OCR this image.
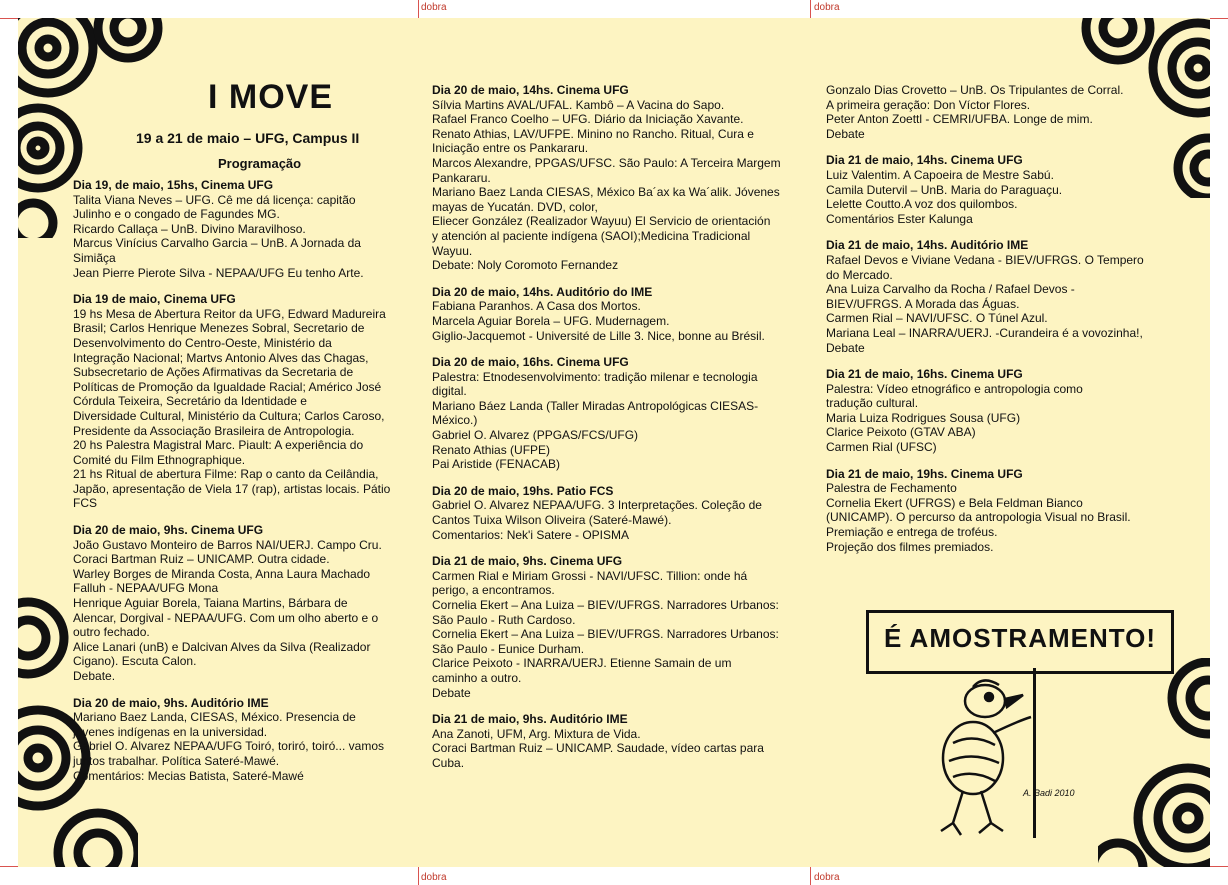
dobra	dobra
dobra	dobra
I MOVE
19 a 21 de maio – UFG, Campus II
Programação
Dia 19, de maio, 15hs, Cinema UFG

Talita Viana Neves – UFG. Cê me dá licença: capitão

Julinho e o congado de Fagundes MG.

Ricardo Callaça – UnB. Divino Maravilhoso.

Marcus Vinícius Carvalho Garcia – UnB. A Jornada da

Simiãça

Jean Pierre Pierote Silva - NEPAA/UFG Eu tenho Arte.

Dia 19 de maio, Cinema UFG

19 hs Mesa de Abertura Reitor da UFG, Edward Madureira

Brasil; Carlos Henrique Menezes Sobral, Secretario de

Desenvolvimento do Centro-Oeste, Ministério da

Integração Nacional; Martvs Antonio Alves das Chagas,

Subsecretario de Ações Afirmativas da Secretaria de

Políticas de Promoção da Igualdade Racial; Américo José

Córdula Teixeira, Secretário da Identidade e

Diversidade Cultural, Ministério da Cultura; Carlos Caroso,

Presidente da Associação Brasileira de Antropologia.

20 hs Palestra Magistral Marc. Piault: A experiência do

Comité du Film Ethnographique.

21 hs Ritual de abertura Filme: Rap o canto da Ceilândia,

Japão, apresentação de Viela 17 (rap), artistas locais. Pátio

FCS

Dia 20 de maio, 9hs. Cinema UFG

João Gustavo Monteiro de Barros NAI/UERJ. Campo Cru.

Coraci Bartman Ruiz – UNICAMP. Outra cidade.

Warley Borges de Miranda Costa, Anna Laura Machado

Falluh - NEPAA/UFG Mona

Henrique Aguiar Borela, Taiana Martins, Bárbara de

Alencar, Dorgival - NEPAA/UFG. Com um olho aberto e o

outro fechado.

Alice Lanari (unB) e Dalcivan Alves da Silva (Realizador

Cigano). Escuta Calon.

Debate.

Dia 20 de maio, 9hs. Auditório IME

Mariano Baez Landa, CIESAS, México. Presencia de

jóvenes indígenas en la universidad.

Gabriel O. Alvarez NEPAA/UFG Toiró, toriró, toiró... vamos

juntos trabalhar. Política Sateré-Mawé.

Comentários: Mecias Batista, Sateré-Mawé

Dia 20 de maio, 14hs. Cinema UFG

Sílvia Martins AVAL/UFAL. Kambô – A Vacina do Sapo.

Rafael Franco Coelho – UFG. Diário da Iniciação Xavante.

Renato Athias, LAV/UFPE. Minino no Rancho. Ritual, Cura e

Iniciação entre os Pankararu.

Marcos Alexandre, PPGAS/UFSC. São Paulo: A Terceira Margem

Pankararu.

Mariano Baez Landa CIESAS, México Ba´ax ka Wa´alik. Jóvenes

mayas de Yucatán. DVD, color,

Eliecer González (Realizador Wayuu) El Servicio de orientación

y atención al paciente indígena (SAOI);Medicina Tradicional

Wayuu.

Debate: Noly Coromoto Fernandez

Dia 20 de maio, 14hs. Auditório do IME

Fabiana Paranhos. A Casa dos Mortos.

Marcela Aguiar Borela – UFG. Mudernagem.

Giglio-Jacquemot - Université de Lille 3. Nice, bonne au Brésil.

Dia 20 de maio, 16hs. Cinema UFG

Palestra: Etnodesenvolvimento: tradição milenar e tecnologia

digital.

Mariano Báez Landa (Taller Miradas Antropológicas CIESAS-

México.)

Gabriel O. Alvarez (PPGAS/FCS/UFG)

Renato Athias (UFPE)

Pai Aristide (FENACAB)

Dia 20 de maio, 19hs. Patio FCS

Gabriel O. Alvarez NEPAA/UFG. 3 Interpretações. Coleção de

Cantos Tuixa Wilson Oliveira (Sateré-Mawé).

Comentarios: Nek'i Satere - OPISMA

Dia 21 de maio, 9hs. Cinema UFG

Carmen Rial e Miriam Grossi - NAVI/UFSC. Tillion: onde há

perigo, a encontramos.

Cornelia Ekert – Ana Luiza – BIEV/UFRGS. Narradores Urbanos:

São Paulo - Ruth Cardoso.

Cornelia Ekert – Ana Luiza – BIEV/UFRGS. Narradores Urbanos:

São Paulo - Eunice Durham.

Clarice Peixoto - INARRA/UERJ. Etienne Samain de um

caminho a outro.

Debate

Dia 21 de maio, 9hs. Auditório IME

Ana Zanoti, UFM, Arg. Mixtura de Vida.

Coraci Bartman Ruiz – UNICAMP. Saudade, vídeo cartas para

Cuba.

Gonzalo Dias Crovetto – UnB. Os Tripulantes de Corral.

A primeira geração: Don Víctor Flores.

Peter Anton Zoettl - CEMRI/UFBA. Longe de mim.

Debate

Dia 21 de maio, 14hs. Cinema UFG

Luiz Valentim. A Capoeira de Mestre Sabú.

Camila Dutervil – UnB. Maria do Paraguaçu.

Lelette Coutto.A voz dos quilombos.

Comentários Ester Kalunga

Dia 21 de maio, 14hs. Auditório IME

Rafael Devos e Viviane Vedana - BIEV/UFRGS. O Tempero

do Mercado.

Ana Luiza Carvalho da Rocha / Rafael Devos -

BIEV/UFRGS. A Morada das Águas.

Carmen Rial – NAVI/UFSC. O Túnel Azul.

Mariana Leal – INARRA/UERJ. -Curandeira é a vovozinha!,

Debate

Dia 21 de maio, 16hs. Cinema UFG

Palestra: Vídeo etnográfico e antropologia como

tradução cultural.

Maria Luiza Rodrigues Sousa (UFG)

Clarice Peixoto (GTAV ABA)

Carmen Rial (UFSC)

Dia 21 de maio, 19hs. Cinema UFG

Palestra de Fechamento

Cornelia Ekert (UFRGS) e Bela Feldman Bianco

(UNICAMP). O percurso da antropologia Visual no Brasil.

Premiação e entrega de troféus.

Projeção dos filmes premiados.

É AMOSTRAMENTO!
A. Badi 2010
